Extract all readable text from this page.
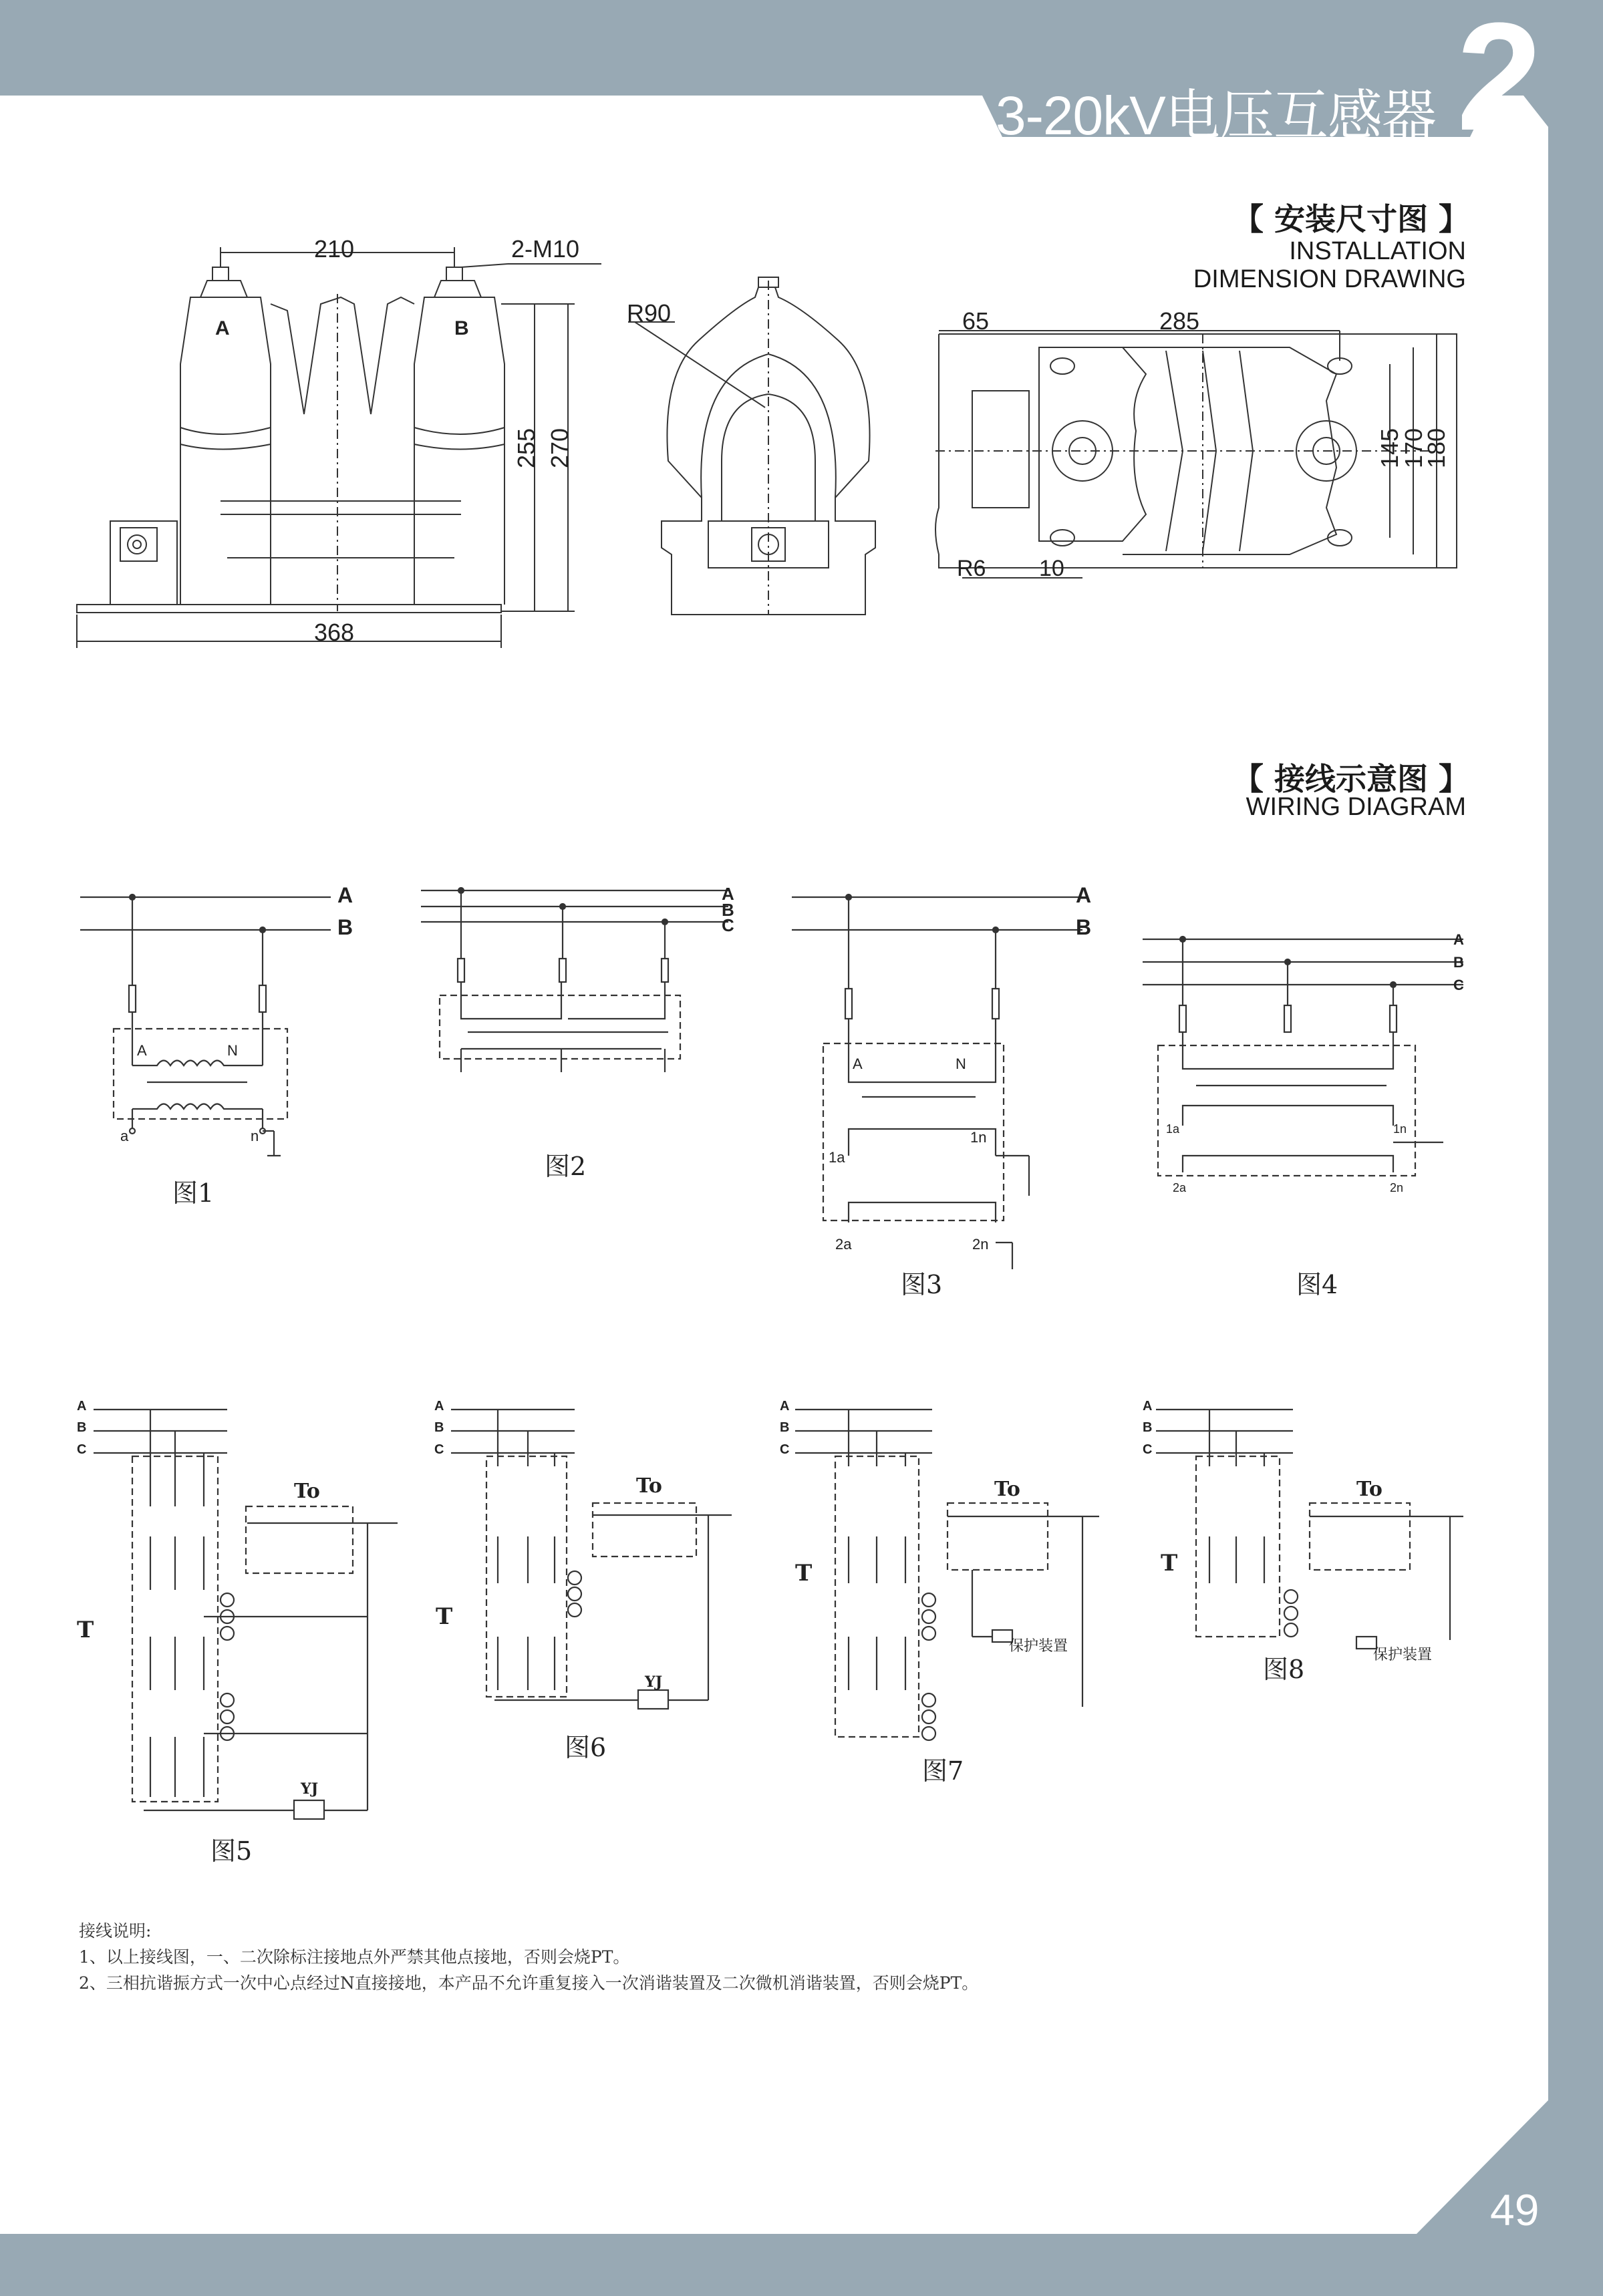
3-20kV电压互感器 2
【 安装尺寸图 】
INSTALLATION
DIMENSION DRAWING
210	2-M10
A	B
255 270
368
R90	65	285
145
170
180
R6 10
【 接线示意图 】
WIRING DIAGRAM
A
B
A
B
C
A
B
A
B
C
A	N
a	n
A	N
1a
1n
2a	2n
1a	1n
2a	2n
A
B
C
A
B
C
A
B
C
A
B
C
T	T
T	T
To	To	To	To
YJ
YJ
保护装置
保护装置
图1
图2
图3	图4
图5
图6
图7
图8
接线说明:
1、以上接线图，一、二次除标注接地点外严禁其他点接地，否则会烧PT。
2、三相抗谐振方式一次中心点经过N直接接地，本产品不允许重复接入一次消谐装置及二次微机消谐装置，否则会烧PT。
49
